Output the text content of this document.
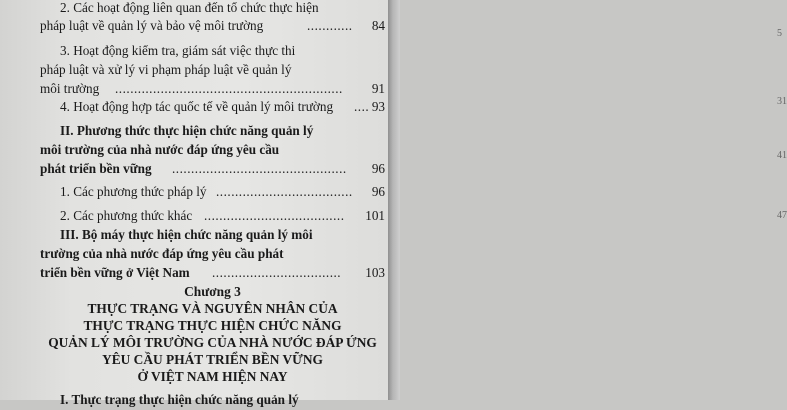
5
31
41
47
2. Các hoạt động liên quan đến tổ chức thực hiện
pháp luật về quản lý và bảo vệ môi trường	............	84
3. Hoạt động kiểm tra, giám sát việc thực thi
pháp luật và xử lý vi phạm pháp luật về quản lý
môi trường ............................................................	91
4. Hoạt động hợp tác quốc tế về quản lý môi trường .... 93
II. Phương thức thực hiện chức năng quản lý
môi trường của nhà nước đáp ứng yêu cầu
phát triển bền vững ..............................................	96
1. Các phương thức pháp lý ....................................	96
2. Các phương thức khác .....................................	101
III. Bộ máy thực hiện chức năng quản lý môi
trường của nhà nước đáp ứng yêu cầu phát
triển bền vững ở Việt Nam ..................................	103
Chương 3
THỰC TRẠNG VÀ NGUYÊN NHÂN CỦA
THỰC TRẠNG THỰC HIỆN CHỨC NĂNG
QUẢN LÝ MÔI TRƯỜNG CỦA NHÀ NƯỚC ĐÁP ỨNG
YÊU CẦU PHÁT TRIỂN BỀN VỮNG
Ở VIỆT NAM HIỆN NAY
I. Thực trạng thực hiện chức năng quản lý
